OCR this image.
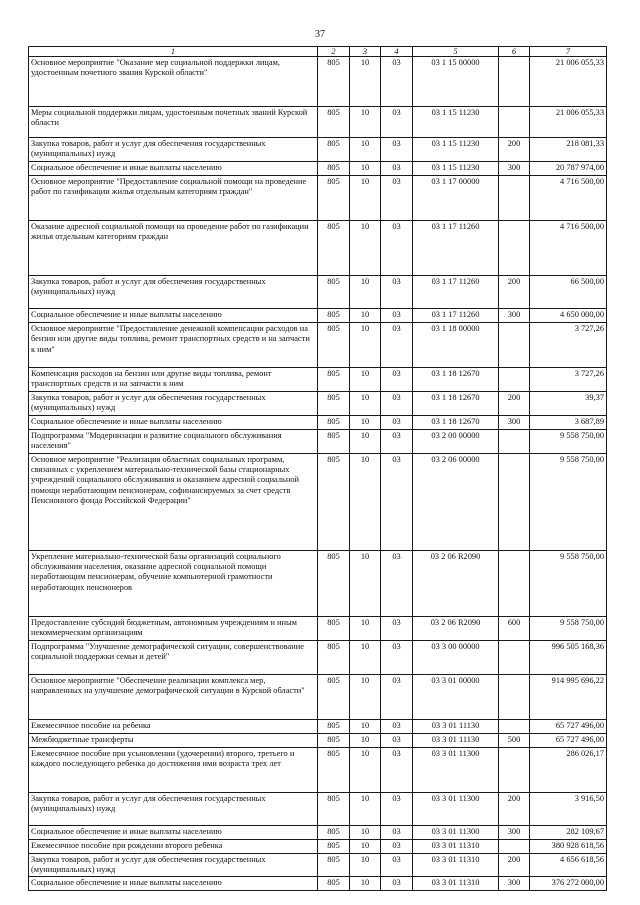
37
1	2	3	4	5	6	7
Основное мероприятие "Оказание мер социальной поддержки лицам, удостоенным почетного звания Курской области"	805	10	03	03 1 15 00000		21 006 055,33
Меры социальной поддержки лицам, удостоенным почетных званий Курской области	805	10	03	03 1 15 11230		21 006 055,33
Закупка товаров, работ и услуг для обеспечения государственных (муниципальных) нужд	805	10	03	03 1 15 11230	200	218 081,33
Социальное обеспечение и иные выплаты населению	805	10	03	03 1 15 11230	300	20 787 974,00
Основное мероприятие "Предоставление социальной помощи на проведение работ по газификации жилья отдельным категориям граждан"	805	10	03	03 1 17 00000		4 716 500,00
Оказание адресной социальной помощи на проведение работ по газификации жилья отдельным категориям граждан	805	10	03	03 1 17 11260		4 716 500,00
Закупка товаров, работ и услуг для обеспечения государственных (муниципальных) нужд	805	10	03	03 1 17 11260	200	66 500,00
Социальное обеспечение и иные выплаты населению	805	10	03	03 1 17 11260	300	4 650 000,00
Основное мероприятие "Предоставление денежной компенсации расходов на бензин или другие виды топлива, ремонт транспортных средств и на запчасти к ним"	805	10	03	03 1 18 00000		3 727,26
Компенсация расходов на бензин или другие виды топлива, ремонт транспортных средств и на запчасти к ним	805	10	03	03 1 18 12670		3 727,26
Закупка товаров, работ и услуг для обеспечения государственных (муниципальных) нужд	805	10	03	03 1 18 12670	200	39,37
Социальное обеспечение и иные выплаты населению	805	10	03	03 1 18 12670	300	3 687,89
Подпрограмма "Модернизация и развитие социального обслуживания населения"	805	10	03	03 2 00 00000		9 558 750,00
Основное мероприятие "Реализация областных социальных программ, связанных с укреплением материально-технической базы стационарных учреждений социального обслуживания и оказанием адресной социальной помощи неработающим пенсионерам, софинансируемых за счет средств Пенсионного фонда Российской Федерации"	805	10	03	03 2 06 00000		9 558 750,00
Укрепление материально-технической базы организаций социального обслуживания населения, оказание адресной социальной помощи неработающим пенсионерам, обучение компьютерной грамотности неработающих пенсионеров	805	10	03	03 2 06 R2090		9 558 750,00
Предоставление субсидий бюджетным, автономным учреждениям и иным некоммерческим организациям	805	10	03	03 2 06 R2090	600	9 558 750,00
Подпрограмма "Улучшение демографической ситуации, совершенствование социальной поддержки семьи и детей"	805	10	03	03 3 00 00000		996 505 168,36
Основное мероприятие "Обеспечение реализации комплекса мер, направленных на улучшение демографической ситуации в Курской области"	805	10	03	03 3 01 00000		914 995 696,22
Ежемесячное пособие на ребенка	805	10	03	03 3 01 11130		65 727 496,00
Межбюджетные трансферты	805	10	03	03 3 01 11130	500	65 727 496,00
Ежемесячное пособие при усыновлении (удочерении) второго, третьего и каждого последующего ребенка до достижения ими возраста трех лет	805	10	03	03 3 01 11300		286 026,17
Закупка товаров, работ и услуг для обеспечения государственных (муниципальных) нужд	805	10	03	03 3 01 11300	200	3 916,50
Социальное обеспечение и иные выплаты населению	805	10	03	03 3 01 11300	300	282 109,67
Ежемесячное пособие при рождении второго ребенка	805	10	03	03 3 01 11310		380 928 618,56
Закупка товаров, работ и услуг для обеспечения государственных (муниципальных) нужд	805	10	03	03 3 01 11310	200	4 656 618,56
Социальное обеспечение и иные выплаты населению	805	10	03	03 3 01 11310	300	376 272 000,00
